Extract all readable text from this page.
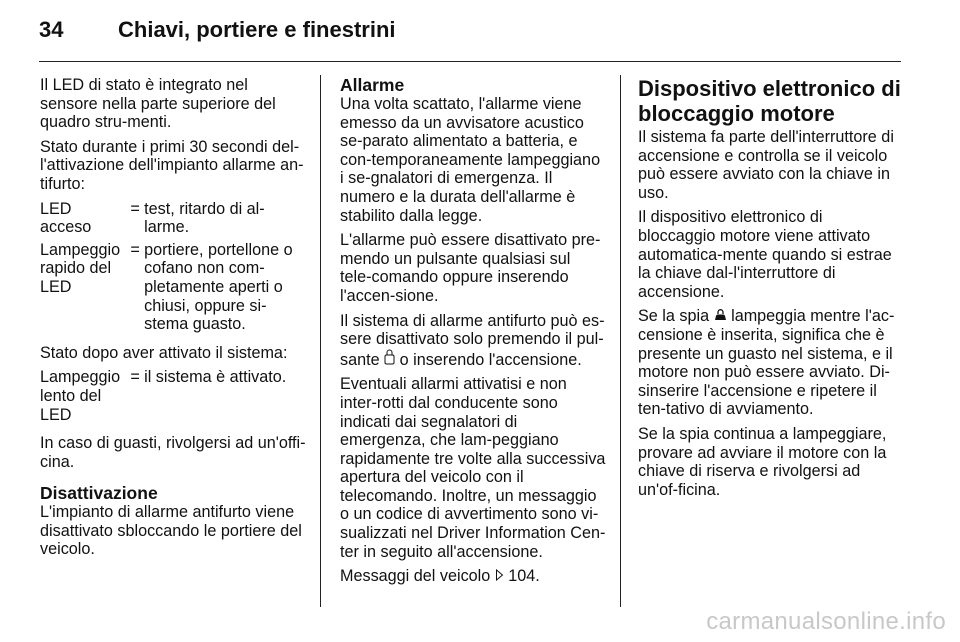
34 Chiavi, portiere e finestrini

Il LED di stato è integrato nel sensore nella parte superiore del quadro stru-menti.

Stato durante i primi 30 secondi del-l'attivazione dell'impianto allarme an-tifurto:

LED acceso	=	test, ritardo di al-larme.
Lampeggio rapido del LED	=	portiere, portellone o cofano non com-pletamente aperti o chiusi, oppure si-stema guasto.

Stato dopo aver attivato il sistema:

Lampeggio lento del LED	=	il sistema è attivato.

In caso di guasti, rivolgersi ad un'offi-cina.

Disattivazione

L'impianto di allarme antifurto viene disattivato sbloccando le portiere del veicolo.

Allarme

Una volta scattato, l'allarme viene emesso da un avvisatore acustico se-parato alimentato a batteria, e con-temporaneamente lampeggiano i se-gnalatori di emergenza. Il numero e la durata dell'allarme è stabilito dalla legge.

L'allarme può essere disattivato pre-mendo un pulsante qualsiasi sul tele-comando oppure inserendo l'accen-sione.

Il sistema di allarme antifurto può es-sere disattivato solo premendo il pul-sante o inserendo l'accensione.

Eventuali allarmi attivatisi e non inter-rotti dal conducente sono indicati dai segnalatori di emergenza, che lam-peggiano rapidamente tre volte alla successiva apertura del veicolo con il telecomando. Inoltre, un messaggio o un codice di avvertimento sono vi-sualizzati nel Driver Information Cen-ter in seguito all'accensione.

Messaggi del veicolo 104.

Dispositivo elettronico di bloccaggio motore

Il sistema fa parte dell'interruttore di accensione e controlla se il veicolo può essere avviato con la chiave in uso.

Il dispositivo elettronico di bloccaggio motore viene attivato automatica-mente quando si estrae la chiave dal-l'interruttore di accensione.

Se la spia lampeggia mentre l'ac-censione è inserita, significa che è presente un guasto nel sistema, e il motore non può essere avviato. Di-sinserire l'accensione e ripetere il ten-tativo di avviamento.

Se la spia continua a lampeggiare, provare ad avviare il motore con la chiave di riserva e rivolgersi ad un'of-ficina.

carmanualsonline.info
